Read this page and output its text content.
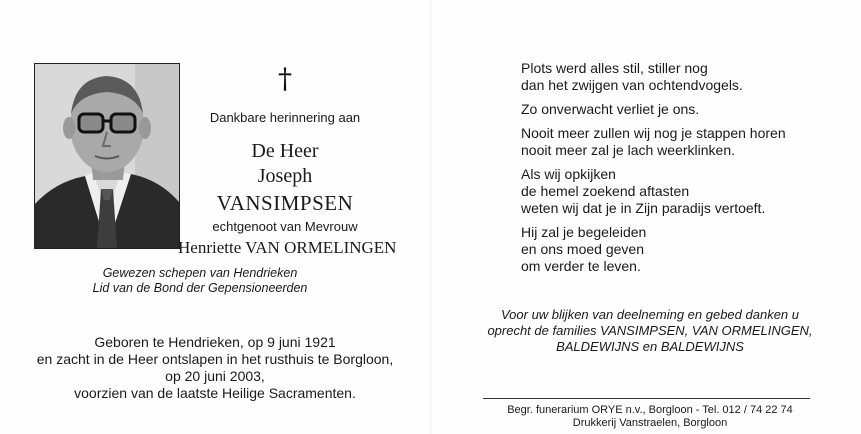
†
Dankbare herinnering aan
De Heer
Joseph
VANSIMPSEN
echtgenoot van Mevrouw
Henriette VAN ORMELINGEN
Gewezen schepen van Hendrieken
Lid van de Bond der Gepensioneerden
Geboren te Hendrieken, op 9 juni 1921
en zacht in de Heer ontslapen in het rusthuis te Borgloon,
op 20 juni 2003,
voorzien van de laatste Heilige Sacramenten.

Plots werd alles stil, stiller nog
dan het zwijgen van ochtendvogels.

Zo onverwacht verliet je ons.

Nooit meer zullen wij nog je stappen horen
nooit meer zal je lach weerklinken.

Als wij opkijken
de hemel zoekend aftasten
weten wij dat je in Zijn paradijs vertoeft.

Hij zal je begeleiden
en ons moed geven
om verder te leven.

Voor uw blijken van deelneming en gebed danken u
oprecht de families VANSIMPSEN, VAN ORMELINGEN,
BALDEWIJNS en BALDEWIJNS
Begr. funerarium ORYE n.v., Borgloon - Tel. 012 / 74 22 74
Drukkerij Vanstraelen, Borgloon
